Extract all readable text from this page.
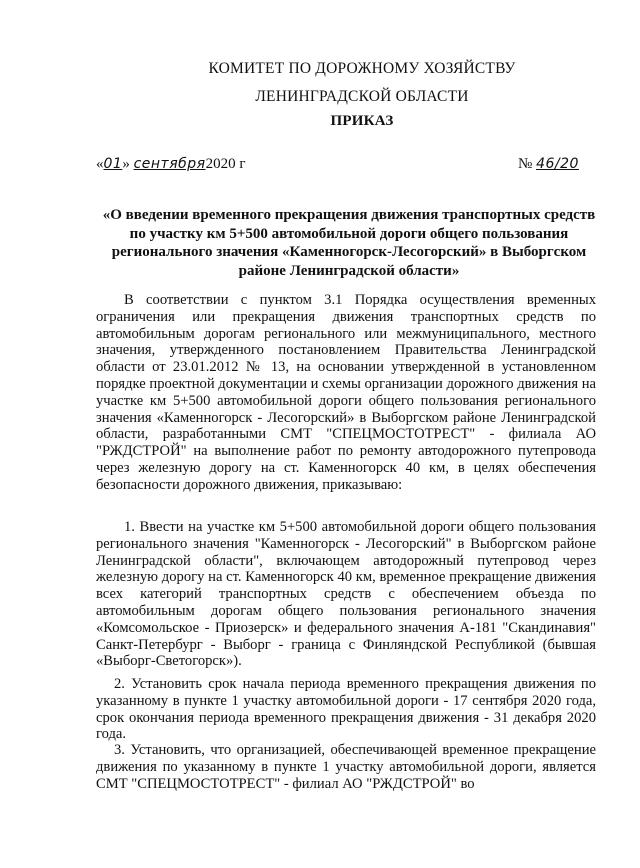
КОМИТЕТ ПО ДОРОЖНОМУ ХОЗЯЙСТВУ
ЛЕНИНГРАДСКОЙ ОБЛАСТИ
ПРИКАЗ
«01» сентября2020 г	№ 46/20
«О введении временного прекращения движения транспортных средств по участку км 5+500 автомобильной дороги общего пользования регионального значения «Каменногорск-Лесогорский» в Выборгском районе Ленинградской области»
В соответствии с пунктом 3.1 Порядка осуществления временных ограничения или прекращения движения транспортных средств по автомобильным дорогам регионального или межмуниципального, местного значения, утвержденного постановлением Правительства Ленинградской области от 23.01.2012 № 13, на основании утвержденной в установленном порядке проектной документации и схемы организации дорожного движения на участке км 5+500 автомобильной дороги общего пользования регионального значения «Каменногорск - Лесогорский» в Выборгском районе Ленинградской области, разработанными СМТ "СПЕЦМОСТОТРЕСТ" - филиала АО "РЖДСТРОЙ" на выполнение работ по ремонту автодорожного путепровода через железную дорогу на ст. Каменногорск 40 км, в целях обеспечения безопасности дорожного движения, приказываю:
1. Ввести на участке км 5+500 автомобильной дороги общего пользования регионального значения "Каменногорск - Лесогорский" в Выборгском районе Ленинградской области", включающем автодорожный путепровод через железную дорогу на ст. Каменногорск 40 км, временное прекращение движения всех категорий транспортных средств с обеспечением объезда по автомобильным дорогам общего пользования регионального значения «Комсомольское - Приозерск» и федерального значения А-181 "Скандинавия" Санкт-Петербург - Выборг - граница с Финляндской Республикой (бывшая «Выборг-Светогорск»).
2. Установить срок начала периода временного прекращения движения по указанному в пункте 1 участку автомобильной дороги - 17 сентября 2020 года, срок окончания периода временного прекращения движения - 31 декабря 2020 года.
3. Установить, что организацией, обеспечивающей временное прекращение движения по указанному в пункте 1 участку автомобильной дороги, является СМТ "СПЕЦМОСТОТРЕСТ" - филиал АО "РЖДСТРОЙ" во
